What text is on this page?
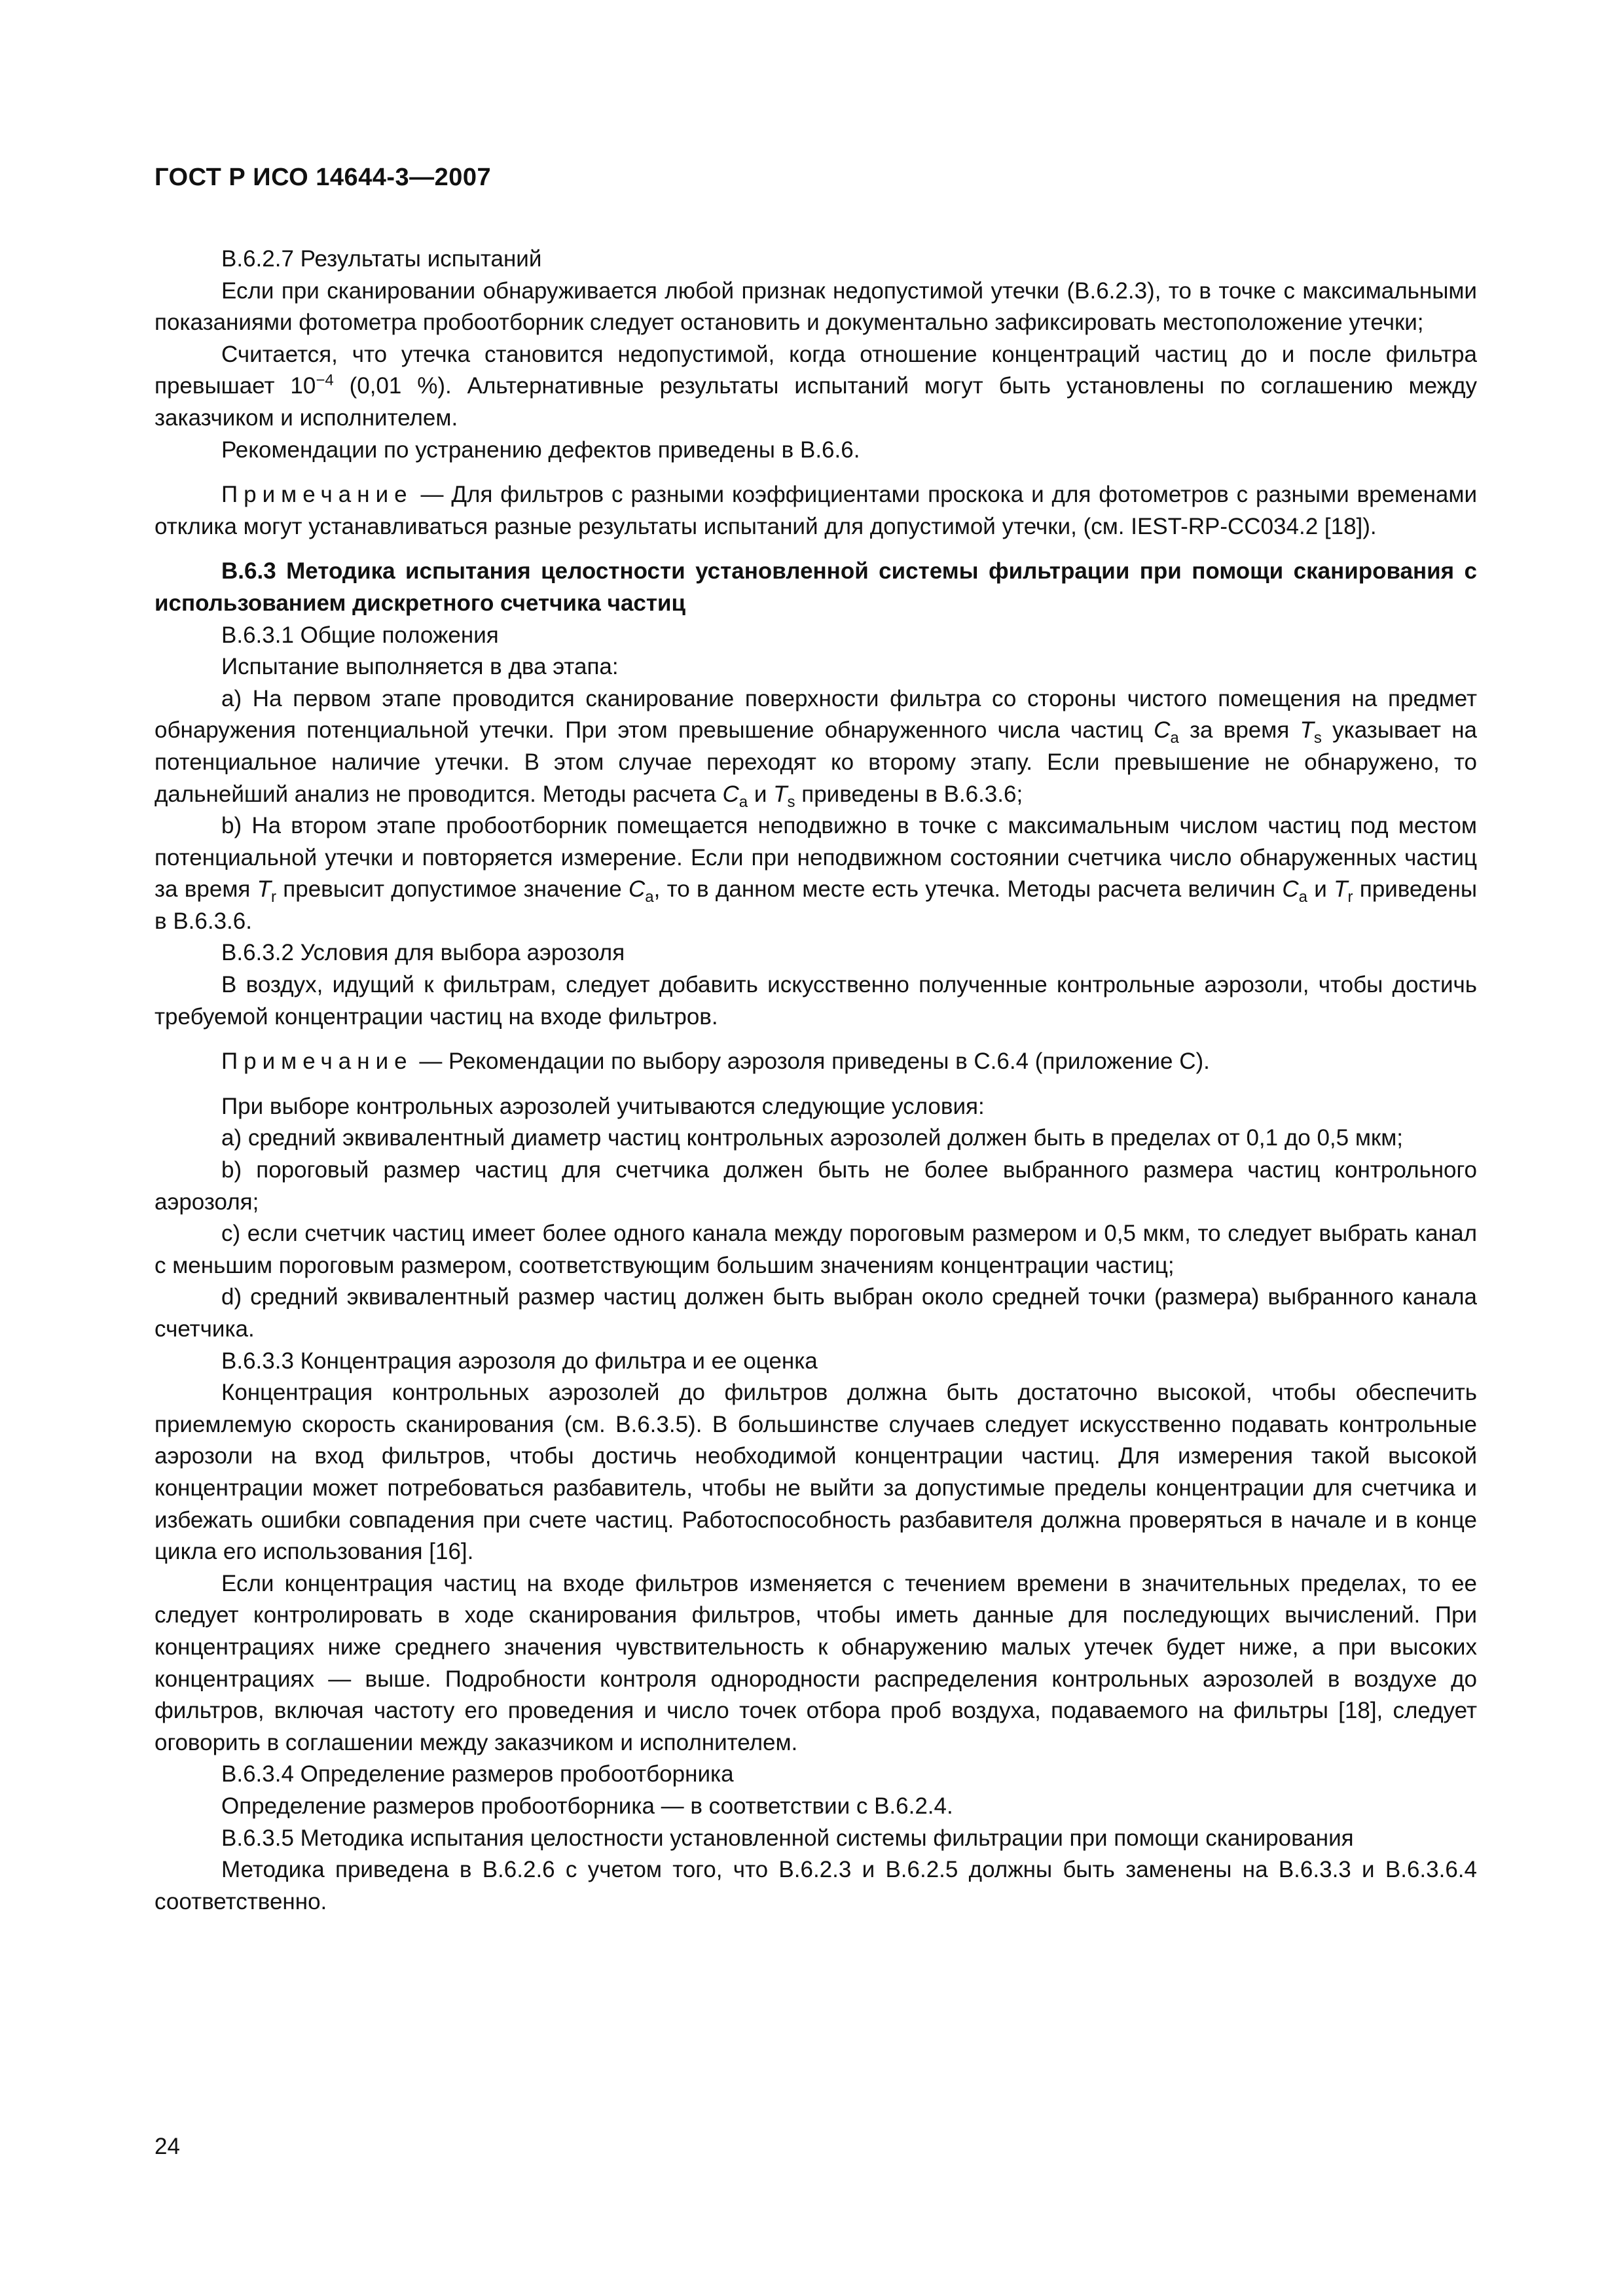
ГОСТ Р ИСО 14644-3—2007

В.6.2.7 Результаты испытаний

Если при сканировании обнаруживается любой признак недопустимой утечки (В.6.2.3), то в точке с максимальными показаниями фотометра пробоотборник следует остановить и документально зафиксировать местоположение утечки;

Считается, что утечка становится недопустимой, когда отношение концентраций частиц до и после фильтра превышает $10^{-4}$ (0,01 %). Альтернативные результаты испытаний могут быть установлены по соглашению между заказчиком и исполнителем.

Рекомендации по устранению дефектов приведены в В.6.6.

Примечание — Для фильтров с разными коэффициентами проскока и для фотометров с разными временами отклика могут устанавливаться разные результаты испытаний для допустимой утечки, (см. IEST-RP-CC034.2 [18]).

В.6.3 Методика испытания целостности установленной системы фильтрации при помощи сканирования с использованием дискретного счетчика частиц

В.6.3.1 Общие положения

Испытание выполняется в два этапа:

a) На первом этапе проводится сканирование поверхности фильтра со стороны чистого помещения на предмет обнаружения потенциальной утечки. При этом превышение обнаруженного числа частиц $C_a$ за время $T_s$ указывает на потенциальное наличие утечки. В этом случае переходят ко второму этапу. Если превышение не обнаружено, то дальнейший анализ не проводится. Методы расчета $C_a$ и $T_s$ приведены в В.6.3.6;

b) На втором этапе пробоотборник помещается неподвижно в точке с максимальным числом частиц под местом потенциальной утечки и повторяется измерение. Если при неподвижном состоянии счетчика число обнаруженных частиц за время $T_r$ превысит допустимое значение $C_a$, то в данном месте есть утечка. Методы расчета величин $C_a$ и $T_r$ приведены в В.6.3.6.

В.6.3.2 Условия для выбора аэрозоля

В воздух, идущий к фильтрам, следует добавить искусственно полученные контрольные аэрозоли, чтобы достичь требуемой концентрации частиц на входе фильтров.

Примечание — Рекомендации по выбору аэрозоля приведены в С.6.4 (приложение С).

При выборе контрольных аэрозолей учитываются следующие условия:

a) средний эквивалентный диаметр частиц контрольных аэрозолей должен быть в пределах от 0,1 до 0,5 мкм;

b) пороговый размер частиц для счетчика должен быть не более выбранного размера частиц контрольного аэрозоля;

c) если счетчик частиц имеет более одного канала между пороговым размером и 0,5 мкм, то следует выбрать канал с меньшим пороговым размером, соответствующим большим значениям концентрации частиц;

d) средний эквивалентный размер частиц должен быть выбран около средней точки (размера) выбранного канала счетчика.

В.6.3.3 Концентрация аэрозоля до фильтра и ее оценка

Концентрация контрольных аэрозолей до фильтров должна быть достаточно высокой, чтобы обеспечить приемлемую скорость сканирования (см. В.6.3.5). В большинстве случаев следует искусственно подавать контрольные аэрозоли на вход фильтров, чтобы достичь необходимой концентрации частиц. Для измерения такой высокой концентрации может потребоваться разбавитель, чтобы не выйти за допустимые пределы концентрации для счетчика и избежать ошибки совпадения при счете частиц. Работоспособность разбавителя должна проверяться в начале и в конце цикла его использования [16].

Если концентрация частиц на входе фильтров изменяется с течением времени в значительных пределах, то ее следует контролировать в ходе сканирования фильтров, чтобы иметь данные для последующих вычислений. При концентрациях ниже среднего значения чувствительность к обнаружению малых утечек будет ниже, а при высоких концентрациях — выше. Подробности контроля однородности распределения контрольных аэрозолей в воздухе до фильтров, включая частоту его проведения и число точек отбора проб воздуха, подаваемого на фильтры [18], следует оговорить в соглашении между заказчиком и исполнителем.

В.6.3.4 Определение размеров пробоотборника

Определение размеров пробоотборника — в соответствии с В.6.2.4.

В.6.3.5 Методика испытания целостности установленной системы фильтрации при помощи сканирования

Методика приведена в В.6.2.6 с учетом того, что В.6.2.3 и В.6.2.5 должны быть заменены на В.6.3.3 и В.6.3.6.4 соответственно.

24
